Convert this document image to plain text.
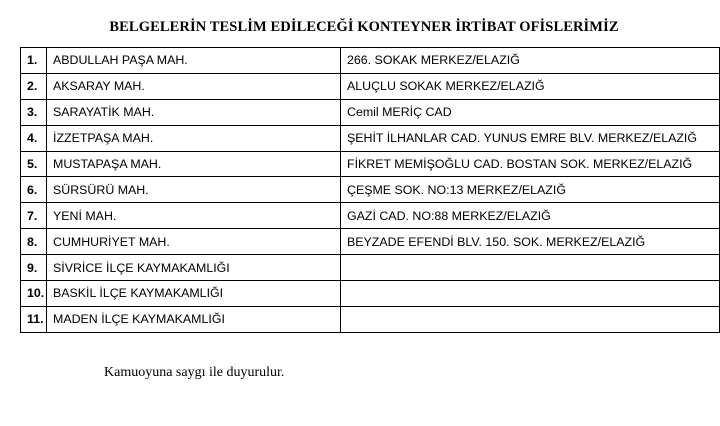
BELGELERİN TESLİM EDİLECEĞİ KONTEYNER İRTİBAT OFİSLERİMİZ
1.	ABDULLAH PAŞA MAH.	266. SOKAK MERKEZ/ELAZIĞ
2.	AKSARAY MAH.	ALUÇLU SOKAK MERKEZ/ELAZIĞ
3.	SARAYATİK MAH.	Cemil MERİÇ CAD
4.	İZZETPAŞA MAH.	ŞEHİT İLHANLAR CAD. YUNUS EMRE BLV. MERKEZ/ELAZIĞ
5.	MUSTAPAŞA MAH.	FİKRET MEMİŞOĞLU CAD. BOSTAN SOK. MERKEZ/ELAZIĞ
6.	SÜRSÜRÜ MAH.	ÇEŞME SOK. NO:13 MERKEZ/ELAZIĞ
7.	YENİ MAH.	GAZİ CAD. NO:88 MERKEZ/ELAZIĞ
8.	CUMHURİYET MAH.	BEYZADE EFENDİ BLV. 150. SOK. MERKEZ/ELAZIĞ
9.	SİVRİCE İLÇE KAYMAKAMLIĞI	
10.	BASKİL İLÇE KAYMAKAMLIĞI	
11.	MADEN İLÇE KAYMAKAMLIĞI	
Kamuoyuna saygı ile duyurulur.
